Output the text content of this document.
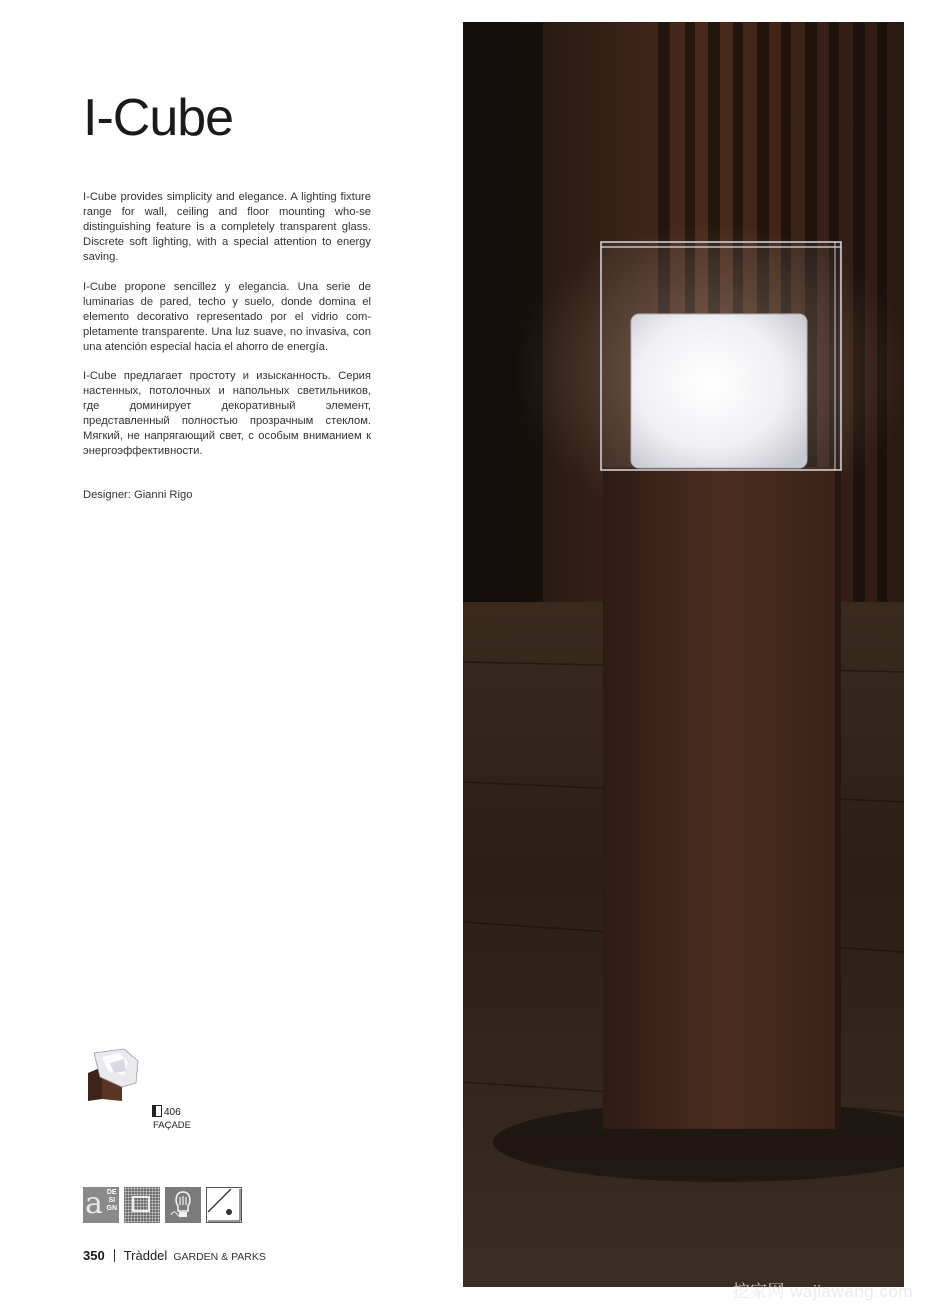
I-Cube

I-Cube provides simplicity and elegance. A lighting fixture range for wall, ceiling and floor mounting who-se distinguishing feature is a completely transparent glass. Discrete soft lighting, with a special attention to energy saving.

I-Cube propone sencillez y elegancia. Una serie de luminarias de pared, techo y suelo, donde domina el elemento decorativo representado por el vidrio com-pletamente transparente. Una luz suave, no invasiva, con una atención especial hacia el ahorro de energía.

I-Cube предлагает простоту и изысканность. Серия настенных, потолочных и напольных светильников, где доминирует декоративный элемент, представленный полностью прозрачным стеклом. Мягкий, не напрягающий свет, с особым вниманием к энергоэффективности.

Designer: Gianni Rigo
406
FAÇADE
a DE
SI
GN
350 Tràddel GARDEN & PARKS
挖家网 wajiawang.com
